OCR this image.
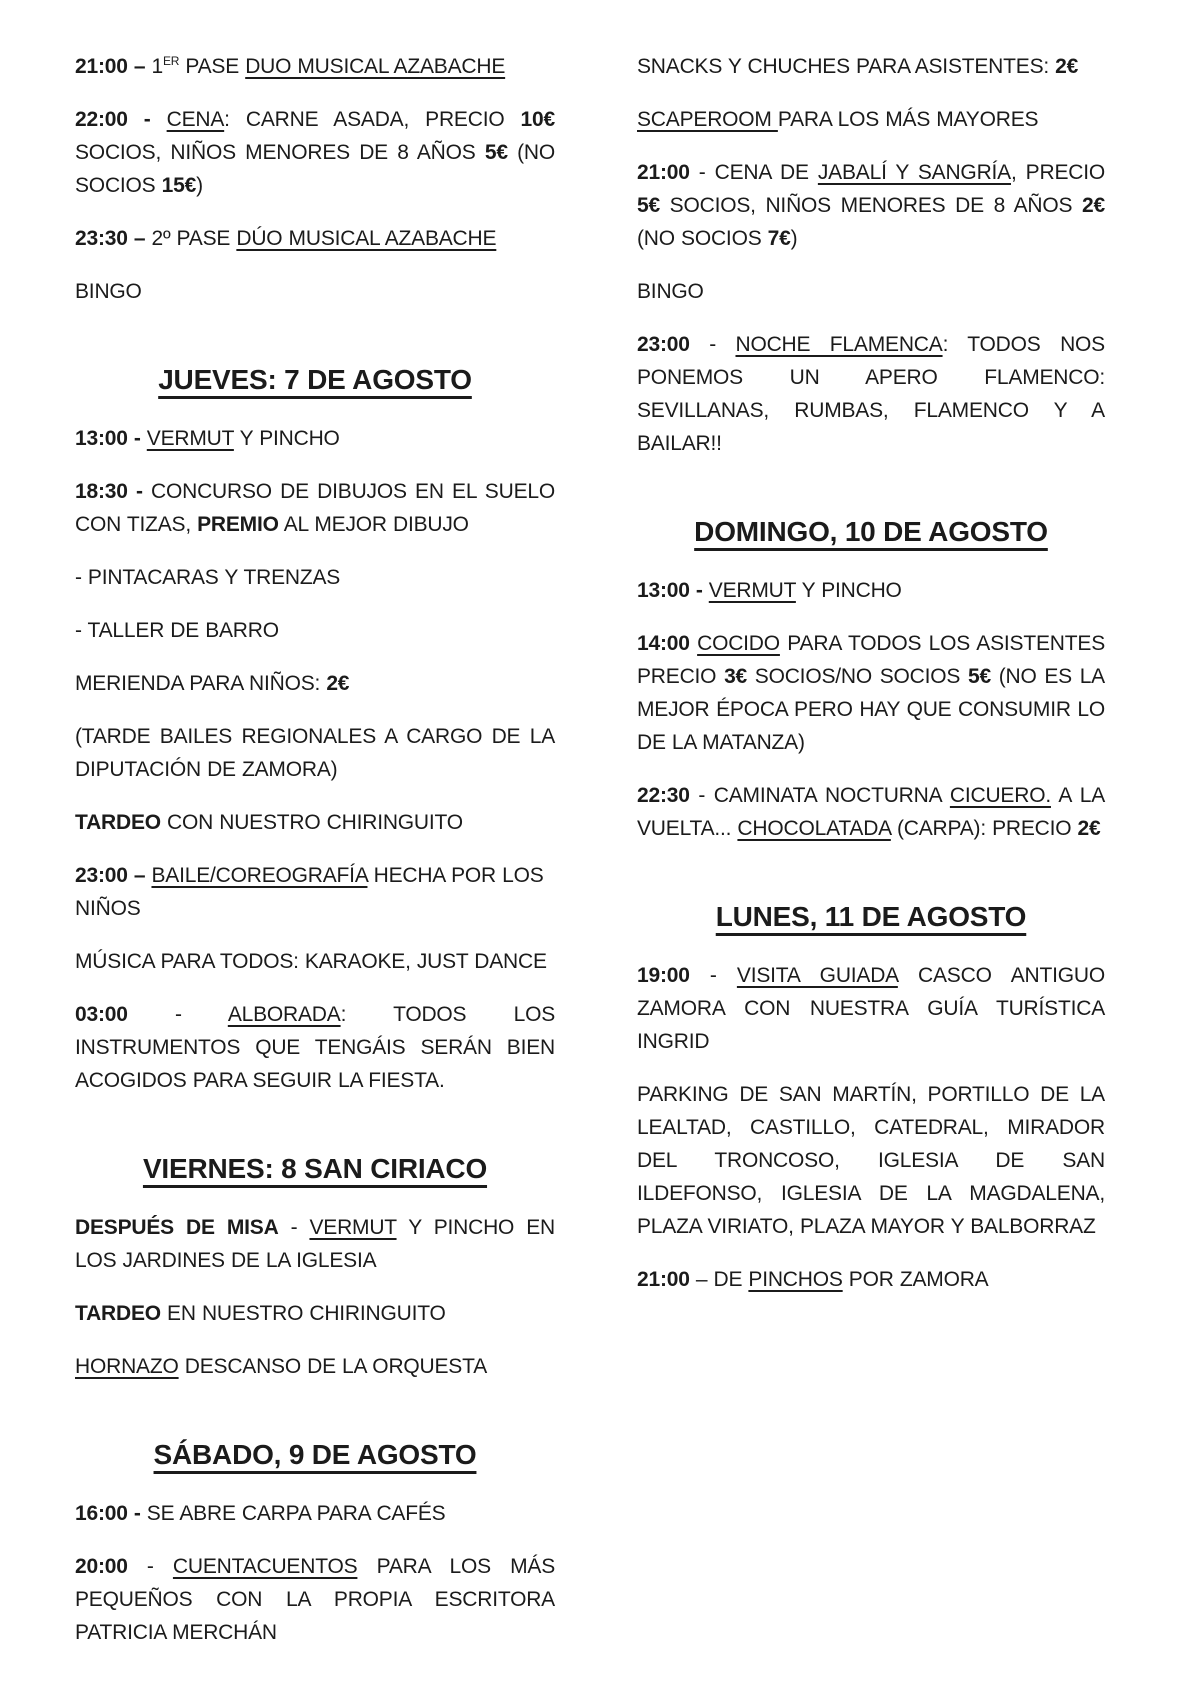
21:00 – 1ER PASE DUO MUSICAL AZABACHE

22:00 - CENA: CARNE ASADA, PRECIO 10€ SOCIOS, NIÑOS MENORES DE 8 AÑOS 5€ (NO SOCIOS 15€)

23:30 – 2º PASE DÚO MUSICAL AZABACHE

BINGO

JUEVES: 7 DE AGOSTO

13:00 - VERMUT Y PINCHO

18:30 - CONCURSO DE DIBUJOS EN EL SUELO CON TIZAS, PREMIO AL MEJOR DIBUJO

- PINTACARAS Y TRENZAS

- TALLER DE BARRO

MERIENDA PARA NIÑOS: 2€

(TARDE BAILES REGIONALES A CARGO DE LA DIPUTACIÓN DE ZAMORA)

TARDEO CON NUESTRO CHIRINGUITO

23:00 – BAILE/COREOGRAFÍA HECHA POR LOS NIÑOS

MÚSICA PARA TODOS: KARAOKE, JUST DANCE

03:00 - ALBORADA: TODOS LOS INSTRUMENTOS QUE TENGÁIS SERÁN BIEN ACOGIDOS PARA SEGUIR LA FIESTA.

VIERNES: 8 SAN CIRIACO

DESPUÉS DE MISA - VERMUT Y PINCHO EN LOS JARDINES DE LA IGLESIA

TARDEO EN NUESTRO CHIRINGUITO

HORNAZO DESCANSO DE LA ORQUESTA

SÁBADO, 9 DE AGOSTO

16:00 - SE ABRE CARPA PARA CAFÉS

20:00 - CUENTACUENTOS PARA LOS MÁS PEQUEÑOS CON LA PROPIA ESCRITORA PATRICIA MERCHÁN

SNACKS Y CHUCHES PARA ASISTENTES: 2€

SCAPEROOM PARA LOS MÁS MAYORES

21:00 - CENA DE JABALÍ Y SANGRÍA, PRECIO 5€ SOCIOS, NIÑOS MENORES DE 8 AÑOS 2€ (NO SOCIOS 7€)

BINGO

23:00 - NOCHE FLAMENCA: TODOS NOS PONEMOS UN APERO FLAMENCO: SEVILLANAS, RUMBAS, FLAMENCO Y A BAILAR!!

DOMINGO, 10 DE AGOSTO

13:00 - VERMUT Y PINCHO

14:00 COCIDO PARA TODOS LOS ASISTENTES PRECIO 3€ SOCIOS/NO SOCIOS 5€ (NO ES LA MEJOR ÉPOCA PERO HAY QUE CONSUMIR LO DE LA MATANZA)

22:30 - CAMINATA NOCTURNA CICUERO. A LA VUELTA... CHOCOLATADA (CARPA): PRECIO 2€

LUNES, 11 DE AGOSTO

19:00 - VISITA GUIADA CASCO ANTIGUO ZAMORA CON NUESTRA GUÍA TURÍSTICA INGRID

PARKING DE SAN MARTÍN, PORTILLO DE LA LEALTAD, CASTILLO, CATEDRAL, MIRADOR DEL TRONCOSO, IGLESIA DE SAN ILDEFONSO, IGLESIA DE LA MAGDALENA, PLAZA VIRIATO, PLAZA MAYOR Y BALBORRAZ

21:00 – DE PINCHOS POR ZAMORA
